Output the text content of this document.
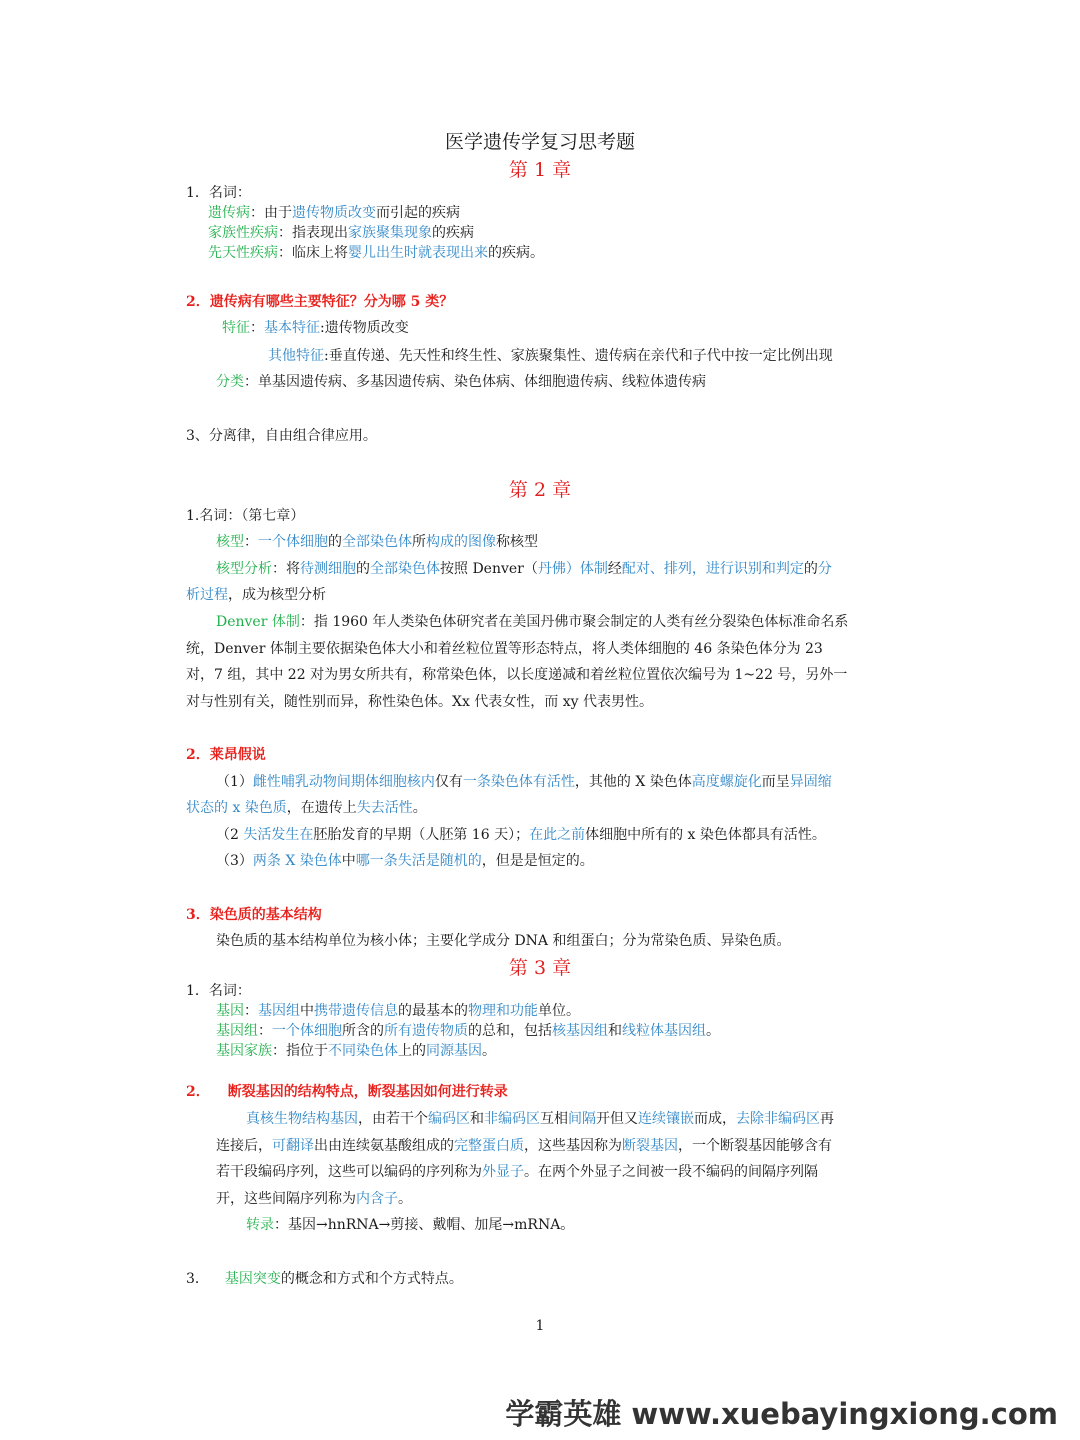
医学遗传学复习思考题
第 1 章
1．名词：
遗传病：由于遗传物质改变而引起的疾病
家族性疾病：指表现出家族聚集现象的疾病
先天性疾病：临床上将婴儿出生时就表现出来的疾病。
2．遗传病有哪些主要特征？分为哪 5 类？
特征：基本特征:遗传物质改变
其他特征:垂直传递、先天性和终生性、家族聚集性、遗传病在亲代和子代中按一定比例出现
分类：单基因遗传病、多基因遗传病、染色体病、体细胞遗传病、线粒体遗传病
3、分离律，自由组合律应用。
第 2 章
1.名词：（第七章）
核型：一个体细胞的全部染色体所构成的图像称核型
核型分析：将待测细胞的全部染色体按照 Denver（丹佛）体制经配对、排列，进行识别和判定的分
析过程，成为核型分析
Denver 体制：指 1960 年人类染色体研究者在美国丹佛市聚会制定的人类有丝分裂染色体标准命名系
统，Denver 体制主要依据染色体大小和着丝粒位置等形态特点，将人类体细胞的 46 条染色体分为 23
对，7 组，其中 22 对为男女所共有，称常染色体，以长度递减和着丝粒位置依次编号为 1~22 号，另外一
对与性别有关，随性别而异，称性染色体。Xx 代表女性，而 xy 代表男性。
2．莱昂假说
（1）雌性哺乳动物间期体细胞核内仅有一条染色体有活性，其他的 X 染色体高度螺旋化而呈异固缩
状态的 x 染色质，在遗传上失去活性。
（2 失活发生在胚胎发育的早期（人胚第 16 天）；在此之前体细胞中所有的 x 染色体都具有活性。
（3）两条 X 染色体中哪一条失活是随机的，但是是恒定的。
3．染色质的基本结构
染色质的基本结构单位为核小体；主要化学成分 DNA 和组蛋白；分为常染色质、异染色质。
第 3 章
1．名词：
基因：基因组中携带遗传信息的最基本的物理和功能单位。
基因组：一个体细胞所含的所有遗传物质的总和，包括核基因组和线粒体基因组。
基因家族：指位于不同染色体上的同源基因。
2． 断裂基因的结构特点，断裂基因如何进行转录
真核生物结构基因，由若干个编码区和非编码区互相间隔开但又连续镶嵌而成，去除非编码区再
连接后，可翻译出由连续氨基酸组成的完整蛋白质，这些基因称为断裂基因，一个断裂基因能够含有
若干段编码序列，这些可以编码的序列称为外显子。在两个外显子之间被一段不编码的间隔序列隔
开，这些间隔序列称为内含子。
转录：基因→hnRNA→剪接、戴帽、加尾→mRNA。
3． 基因突变的概念和方式和个方式特点。
1
学霸英雄 www.xuebayingxiong.com
